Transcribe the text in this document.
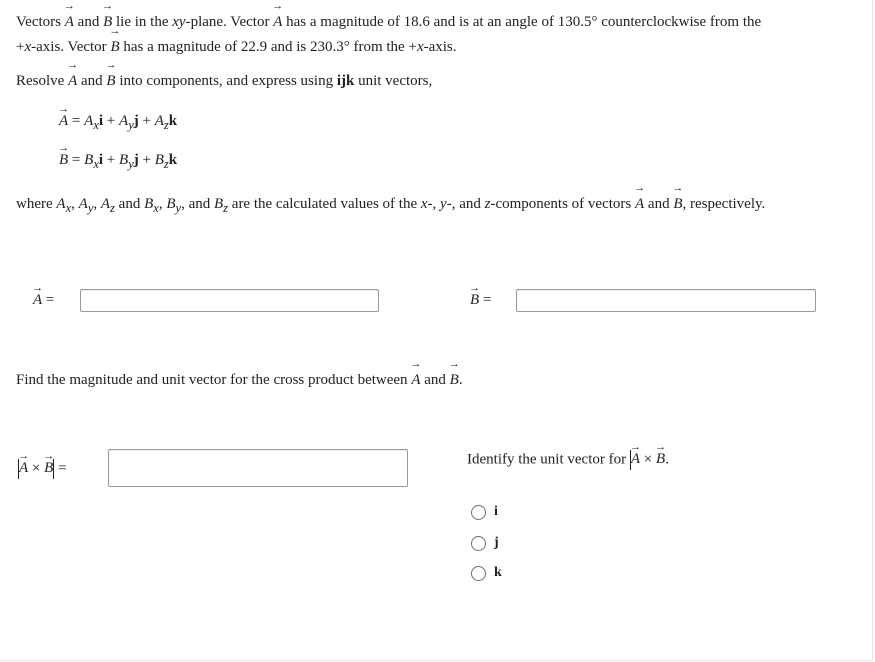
Vectors → A and → B lie in the xy-plane. Vector → A has a magnitude of 18.6 and is at an angle of 130.5° counterclockwise from the
+x-axis. Vector → B has a magnitude of 22.9 and is 230.3° from the +x-axis.
Resolve → A and → B into components, and express using ijk unit vectors,
→ $A = A_xi + A_yj + A_zk$
→ $B = B_xi + B_yj + B_zk$
where $A_x$, $A_y$, $A_z$ and $B_x$, $B_y$, and $B_z$ are the calculated values of the x-, y-, and z-components of vectors → A and → B, respectively.
→ A =
→	B =
Find the magnitude and unit vector for the cross product between → A and → B.
→ A × → B =
Identify the unit vector for → A × → B.
i
j
k
